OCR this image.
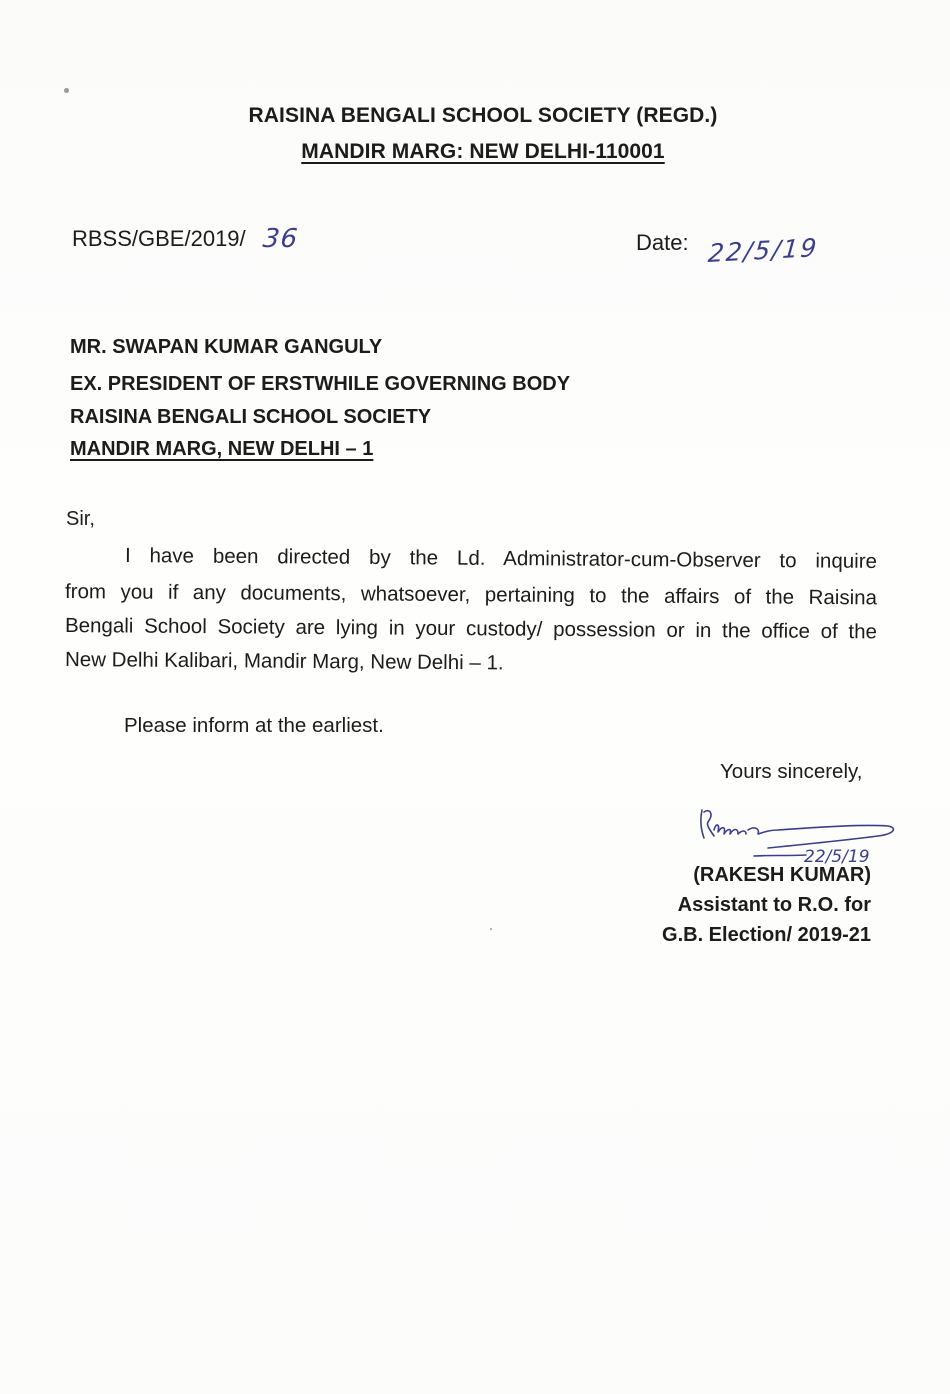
RAISINA BENGALI SCHOOL SOCIETY (REGD.)
MANDIR MARG: NEW DELHI-110001
RBSS/GBE/2019/ 36	Date: 22/5/19
MR. SWAPAN KUMAR GANGULY
EX. PRESIDENT OF ERSTWHILE GOVERNING BODY
RAISINA BENGALI SCHOOL SOCIETY
MANDIR MARG, NEW DELHI – 1
Sir,
I have been directed by the Ld. Administrator-cum-Observer to inquire
from you if any documents, whatsoever, pertaining to the affairs of the Raisina
Bengali School Society are lying in your custody/ possession or in the office of the
New Delhi Kalibari, Mandir Marg, New Delhi – 1.
Please inform at the earliest.
Yours sincerely,
22/5/19
(RAKESH KUMAR)
Assistant to R.O. for
G.B. Election/ 2019-21
